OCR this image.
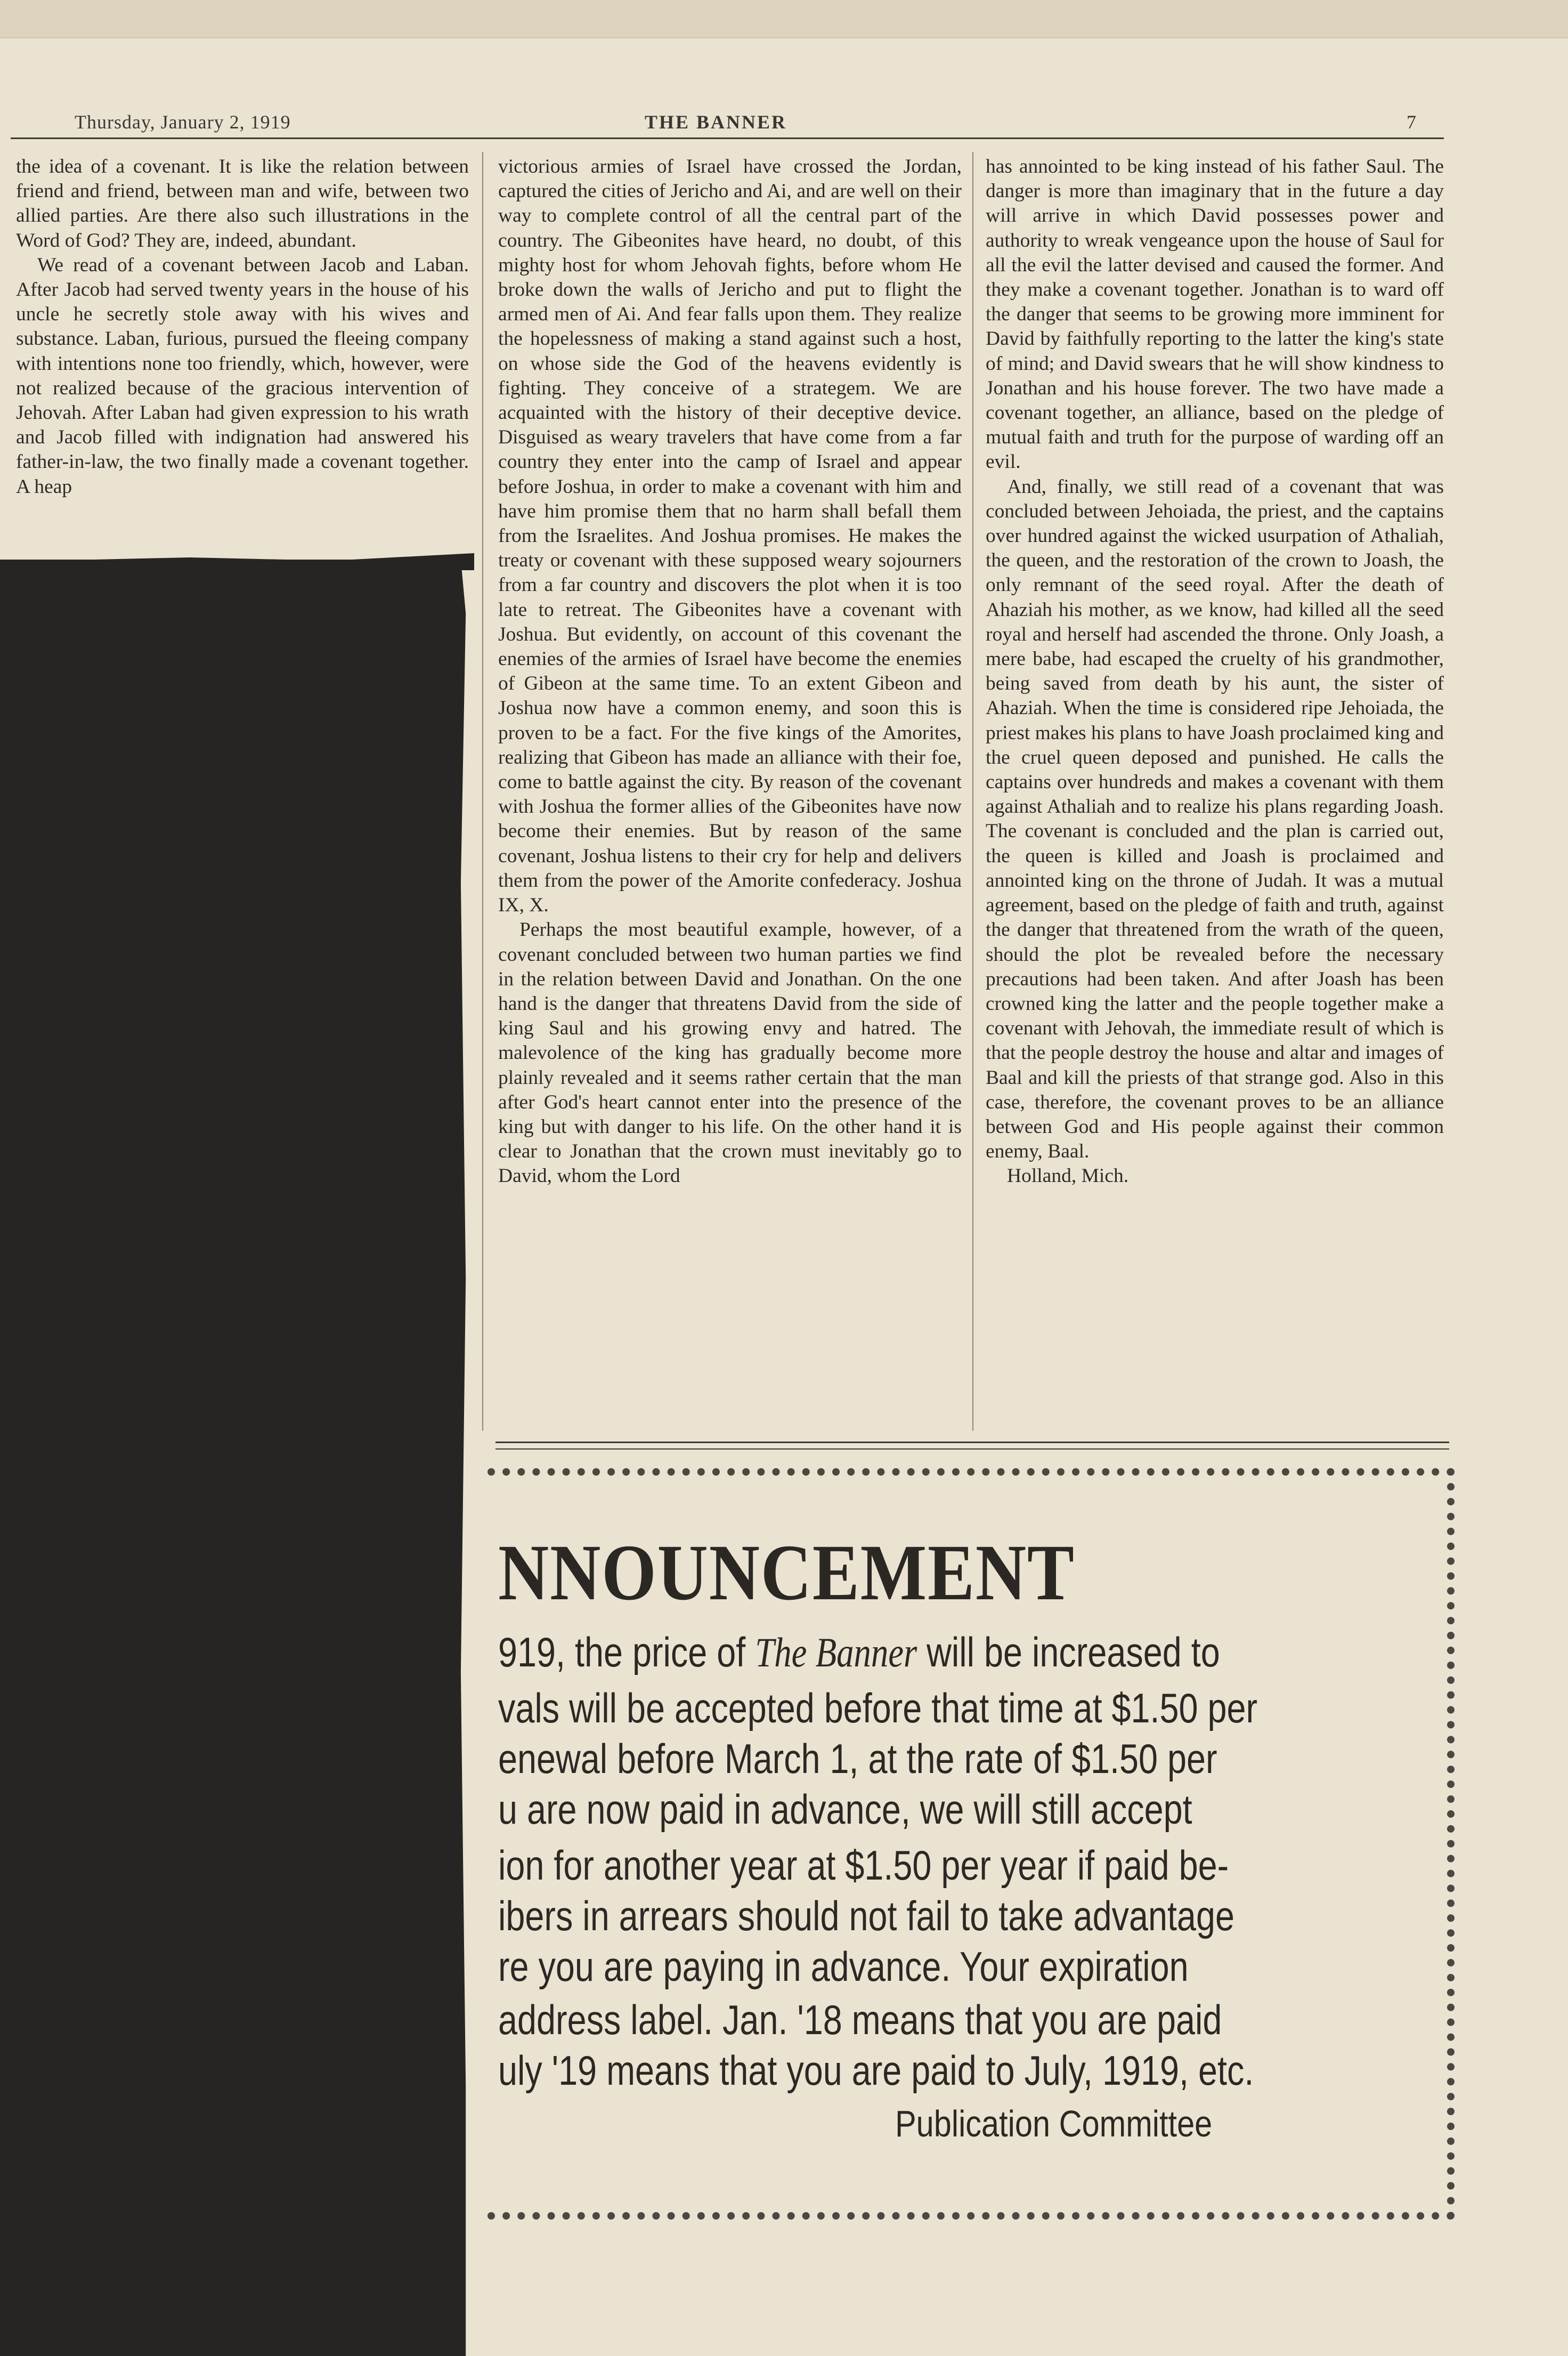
Thursday, January 2, 1919	THE BANNER	7

the idea of a covenant. It is like the relation between friend and friend, between man and wife, between two allied parties. Are there also such illustrations in the Word of God? They are, indeed, abundant.

We read of a covenant between Jacob and Laban. After Jacob had served twenty years in the house of his uncle he secretly stole away with his wives and substance. Laban, furious, pursued the fleeing company with intentions none too friendly, which, however, were not realized because of the gracious intervention of Jehovah. After Laban had given expression to his wrath and Jacob filled with indignation had answered his father-in-law, the two finally made a covenant together. A heap

victorious armies of Israel have crossed the Jordan, captured the cities of Jericho and Ai, and are well on their way to complete control of all the central part of the country. The Gibeonites have heard, no doubt, of this mighty host for whom Jehovah fights, before whom He broke down the walls of Jericho and put to flight the armed men of Ai. And fear falls upon them. They realize the hopelessness of making a stand against such a host, on whose side the God of the heavens evidently is fighting. They conceive of a strategem. We are acquainted with the history of their deceptive device. Disguised as weary travelers that have come from a far country they enter into the camp of Israel and appear before Joshua, in order to make a covenant with him and have him promise them that no harm shall befall them from the Israelites. And Joshua promises. He makes the treaty or covenant with these supposed weary sojourners from a far country and discovers the plot when it is too late to retreat. The Gibeonites have a covenant with Joshua. But evidently, on account of this covenant the enemies of the armies of Israel have become the enemies of Gibeon at the same time. To an extent Gibeon and Joshua now have a common enemy, and soon this is proven to be a fact. For the five kings of the Amorites, realizing that Gibeon has made an alliance with their foe, come to battle against the city. By reason of the covenant with Joshua the former allies of the Gibeonites have now become their enemies. But by reason of the same covenant, Joshua listens to their cry for help and delivers them from the power of the Amorite confederacy. Joshua IX, X.

Perhaps the most beautiful example, however, of a covenant concluded between two human parties we find in the relation between David and Jonathan. On the one hand is the danger that threatens David from the side of king Saul and his growing envy and hatred. The malevolence of the king has gradually become more plainly revealed and it seems rather certain that the man after God's heart cannot enter into the presence of the king but with danger to his life. On the other hand it is clear to Jonathan that the crown must inevitably go to David, whom the Lord

has annointed to be king instead of his father Saul. The danger is more than imaginary that in the future a day will arrive in which David possesses power and authority to wreak vengeance upon the house of Saul for all the evil the latter devised and caused the former. And they make a covenant together. Jonathan is to ward off the danger that seems to be growing more imminent for David by faithfully reporting to the latter the king's state of mind; and David swears that he will show kindness to Jonathan and his house forever. The two have made a covenant together, an alliance, based on the pledge of mutual faith and truth for the purpose of warding off an evil.

And, finally, we still read of a covenant that was concluded between Jehoiada, the priest, and the captains over hundred against the wicked usurpation of Athaliah, the queen, and the restoration of the crown to Joash, the only remnant of the seed royal. After the death of Ahaziah his mother, as we know, had killed all the seed royal and herself had ascended the throne. Only Joash, a mere babe, had escaped the cruelty of his grandmother, being saved from death by his aunt, the sister of Ahaziah. When the time is considered ripe Jehoiada, the priest makes his plans to have Joash proclaimed king and the cruel queen deposed and punished. He calls the captains over hundreds and makes a covenant with them against Athaliah and to realize his plans regarding Joash. The covenant is concluded and the plan is carried out, the queen is killed and Joash is proclaimed and annointed king on the throne of Judah. It was a mutual agreement, based on the pledge of faith and truth, against the danger that threatened from the wrath of the queen, should the plot be revealed before the necessary precautions had been taken. And after Joash has been crowned king the latter and the people together make a covenant with Jehovah, the immediate result of which is that the people destroy the house and altar and images of Baal and kill the priests of that strange god. Also in this case, therefore, the covenant proves to be an alliance between God and His people against their common enemy, Baal.

Holland, Mich.

NNOUNCEMENT
919, the price of The Banner will be increased to
vals will be accepted before that time at $1.50 per
enewal before March 1, at the rate of $1.50 per
u are now paid in advance, we will still accept
ion for another year at $1.50 per year if paid be-
ibers in arrears should not fail to take advantage
re you are paying in advance. Your expiration
address label. Jan. '18 means that you are paid
uly '19 means that you are paid to July, 1919, etc.
Publication Committee
